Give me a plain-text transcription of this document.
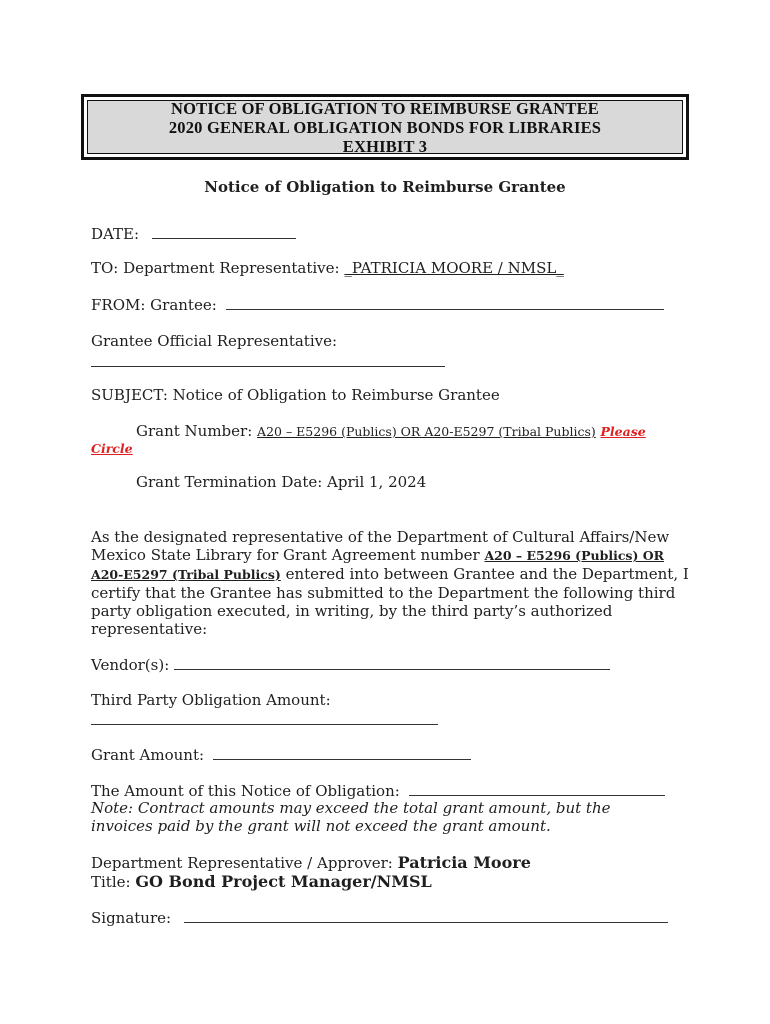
NOTICE OF OBLIGATION TO REIMBURSE GRANTEE
2020 GENERAL OBLIGATION BONDS FOR LIBRARIES
EXHIBIT 3
Notice of Obligation to Reimburse Grantee
DATE:
TO: Department Representative: _PATRICIA MOORE / NMSL_
FROM: Grantee:
Grantee Official Representative:
SUBJECT: Notice of Obligation to Reimburse Grantee
Grant Number: A20 – E5296 (Publics) OR A20-E5297 (Tribal Publics) Please
Circle
Grant Termination Date: April 1, 2024
As the designated representative of the Department of Cultural Affairs/New Mexico State Library for Grant Agreement number A20 – E5296 (Publics) OR A20-E5297 (Tribal Publics) entered into between Grantee and the Department, I certify that the Grantee has submitted to the Department the following third party obligation executed, in writing, by the third party’s authorized representative:
Vendor(s):
Third Party Obligation Amount:
Grant Amount:
The Amount of this Notice of Obligation:
Note: Contract amounts may exceed the total grant amount, but the
invoices paid by the grant will not exceed the grant amount.
Department Representative / Approver: Patricia Moore
Title: GO Bond Project Manager/NMSL
Signature:
